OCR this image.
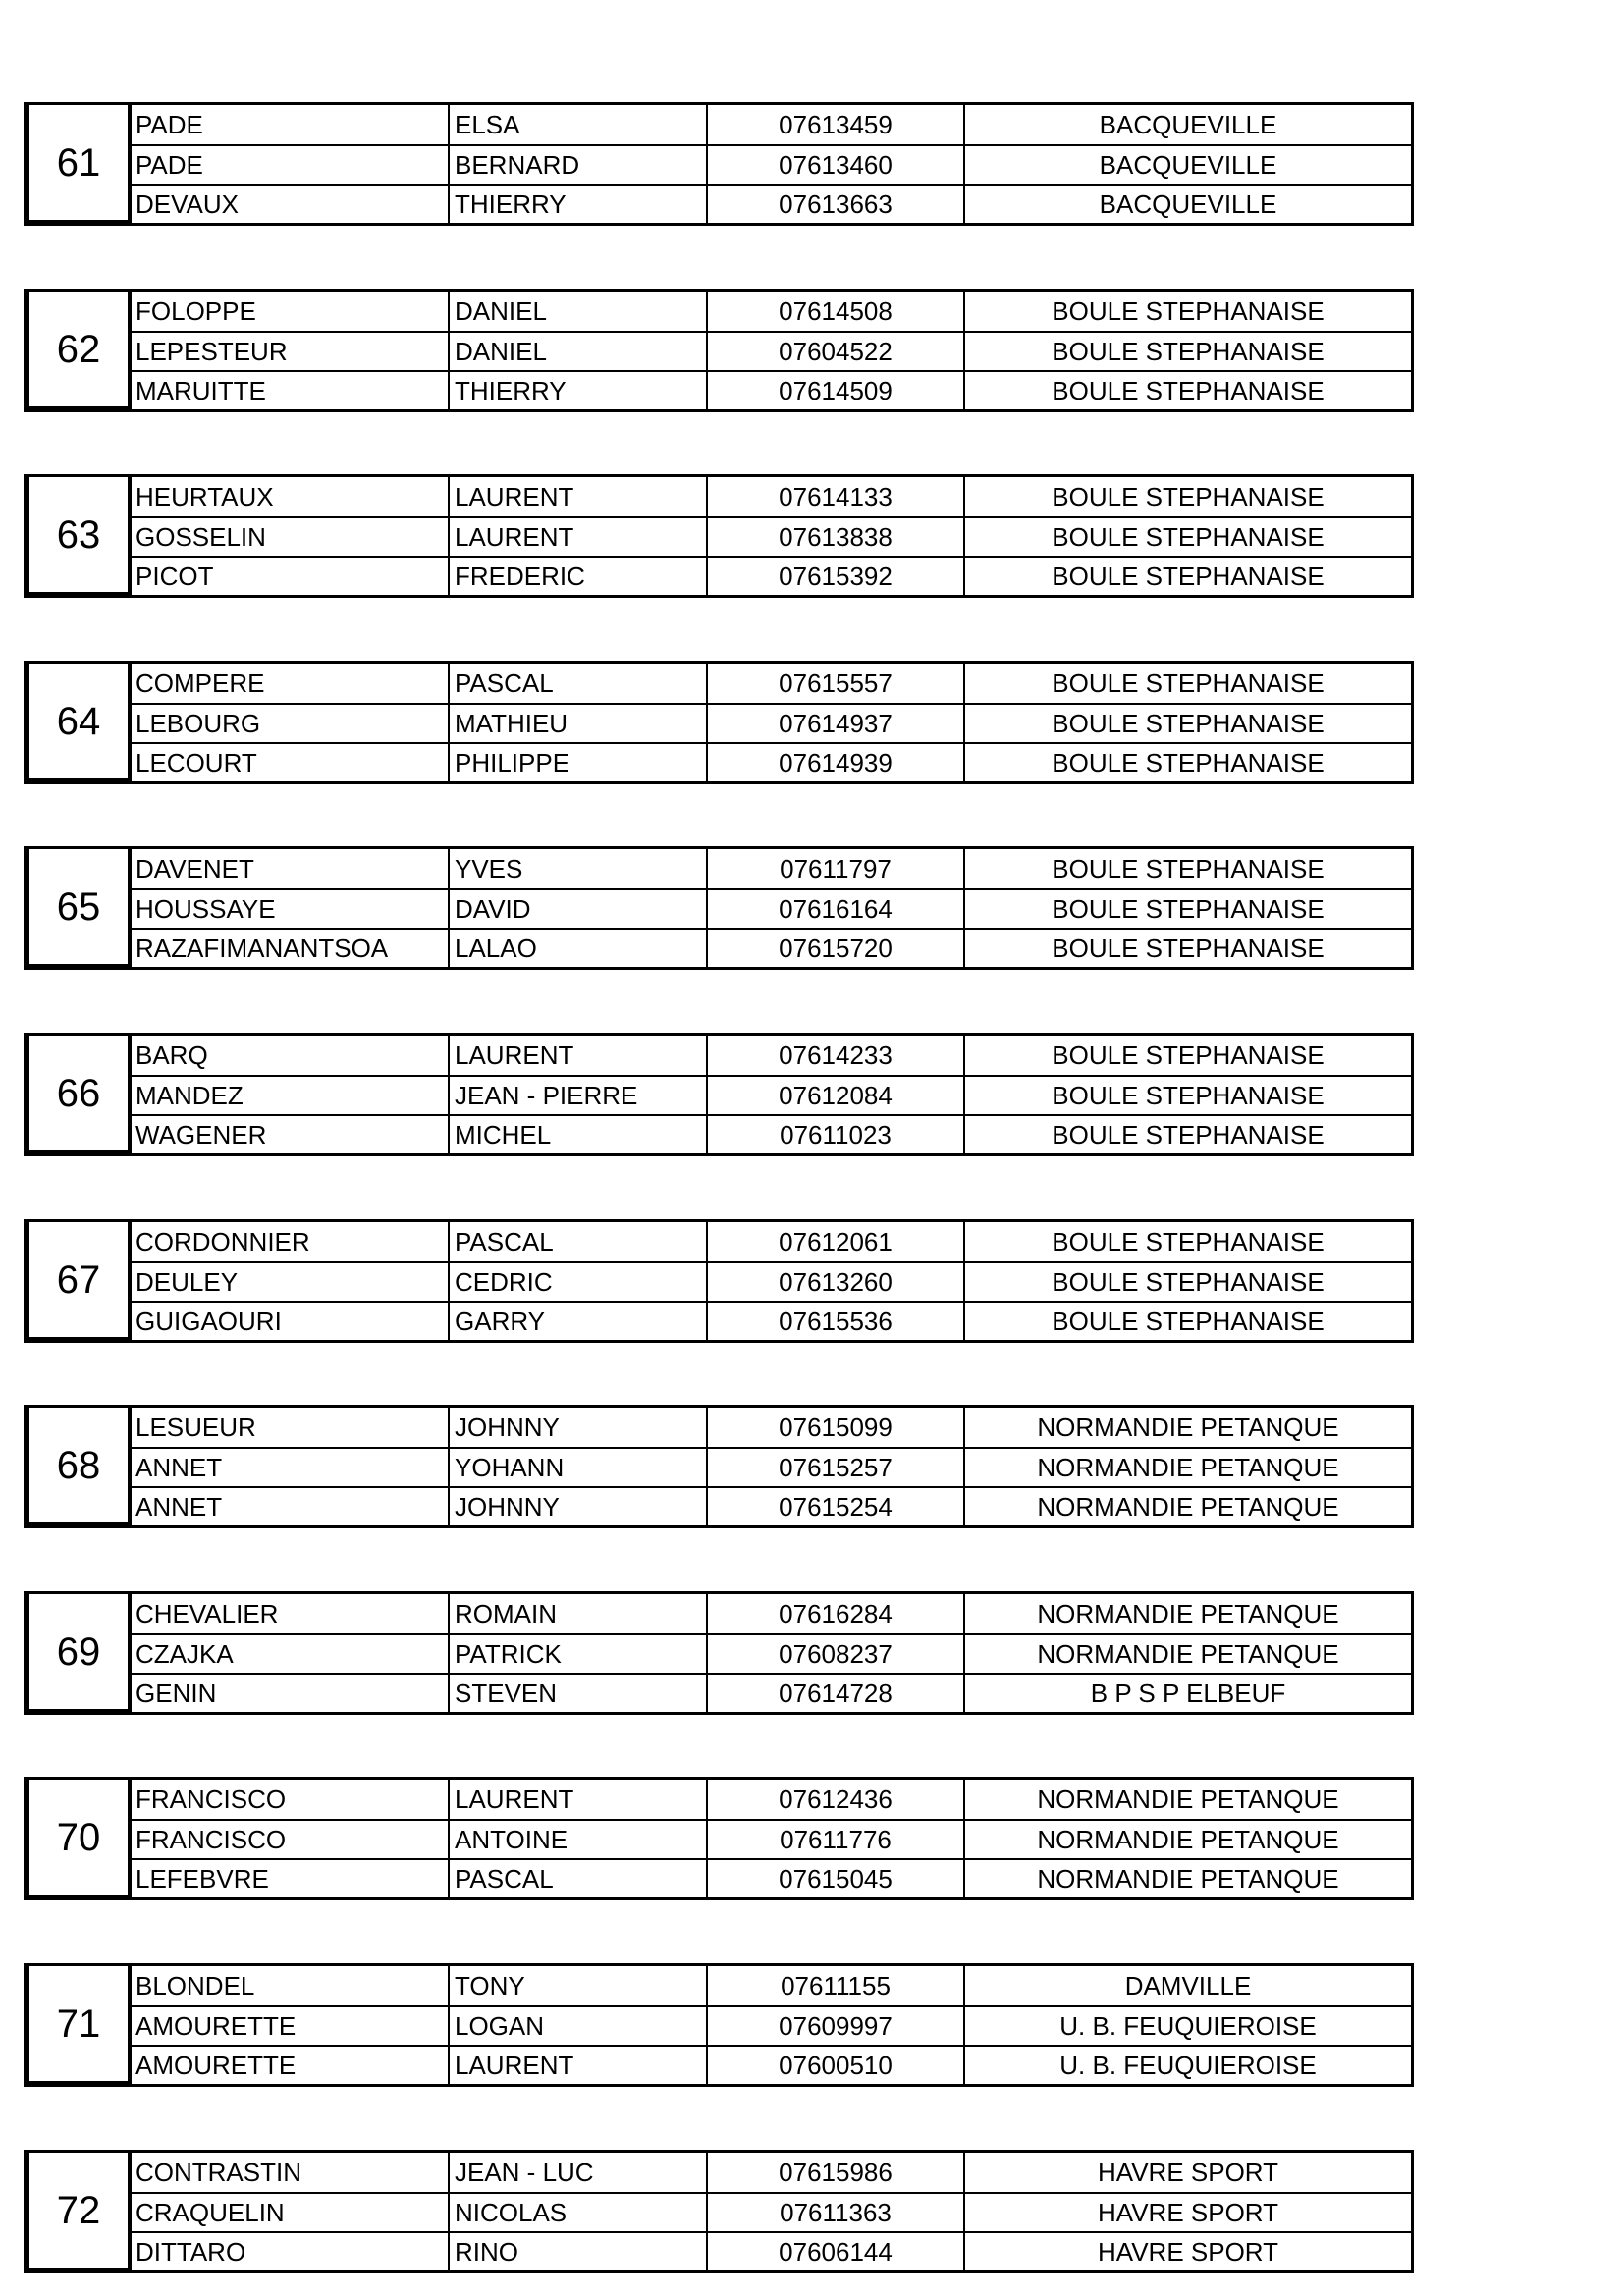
61
PADE	ELSA	07613459	BACQUEVILLE
PADE	BERNARD	07613460	BACQUEVILLE
DEVAUX	THIERRY	07613663	BACQUEVILLE
62
FOLOPPE	DANIEL	07614508	BOULE STEPHANAISE
LEPESTEUR	DANIEL	07604522	BOULE STEPHANAISE
MARUITTE	THIERRY	07614509	BOULE STEPHANAISE
63
HEURTAUX	LAURENT	07614133	BOULE STEPHANAISE
GOSSELIN	LAURENT	07613838	BOULE STEPHANAISE
PICOT	FREDERIC	07615392	BOULE STEPHANAISE
64
COMPERE	PASCAL	07615557	BOULE STEPHANAISE
LEBOURG	MATHIEU	07614937	BOULE STEPHANAISE
LECOURT	PHILIPPE	07614939	BOULE STEPHANAISE
65
DAVENET	YVES	07611797	BOULE STEPHANAISE
HOUSSAYE	DAVID	07616164	BOULE STEPHANAISE
RAZAFIMANANTSOA	LALAO	07615720	BOULE STEPHANAISE
66
BARQ	LAURENT	07614233	BOULE STEPHANAISE
MANDEZ	JEAN - PIERRE	07612084	BOULE STEPHANAISE
WAGENER	MICHEL	07611023	BOULE STEPHANAISE
67
CORDONNIER	PASCAL	07612061	BOULE STEPHANAISE
DEULEY	CEDRIC	07613260	BOULE STEPHANAISE
GUIGAOURI	GARRY	07615536	BOULE STEPHANAISE
68
LESUEUR	JOHNNY	07615099	NORMANDIE PETANQUE
ANNET	YOHANN	07615257	NORMANDIE PETANQUE
ANNET	JOHNNY	07615254	NORMANDIE PETANQUE
69
CHEVALIER	ROMAIN	07616284	NORMANDIE PETANQUE
CZAJKA	PATRICK	07608237	NORMANDIE PETANQUE
GENIN	STEVEN	07614728	B P S P ELBEUF
70
FRANCISCO	LAURENT	07612436	NORMANDIE PETANQUE
FRANCISCO	ANTOINE	07611776	NORMANDIE PETANQUE
LEFEBVRE	PASCAL	07615045	NORMANDIE PETANQUE
71
BLONDEL	TONY	07611155	DAMVILLE
AMOURETTE	LOGAN	07609997	U. B. FEUQUIEROISE
AMOURETTE	LAURENT	07600510	U. B. FEUQUIEROISE
72
CONTRASTIN	JEAN - LUC	07615986	HAVRE SPORT
CRAQUELIN	NICOLAS	07611363	HAVRE SPORT
DITTARO	RINO	07606144	HAVRE SPORT
